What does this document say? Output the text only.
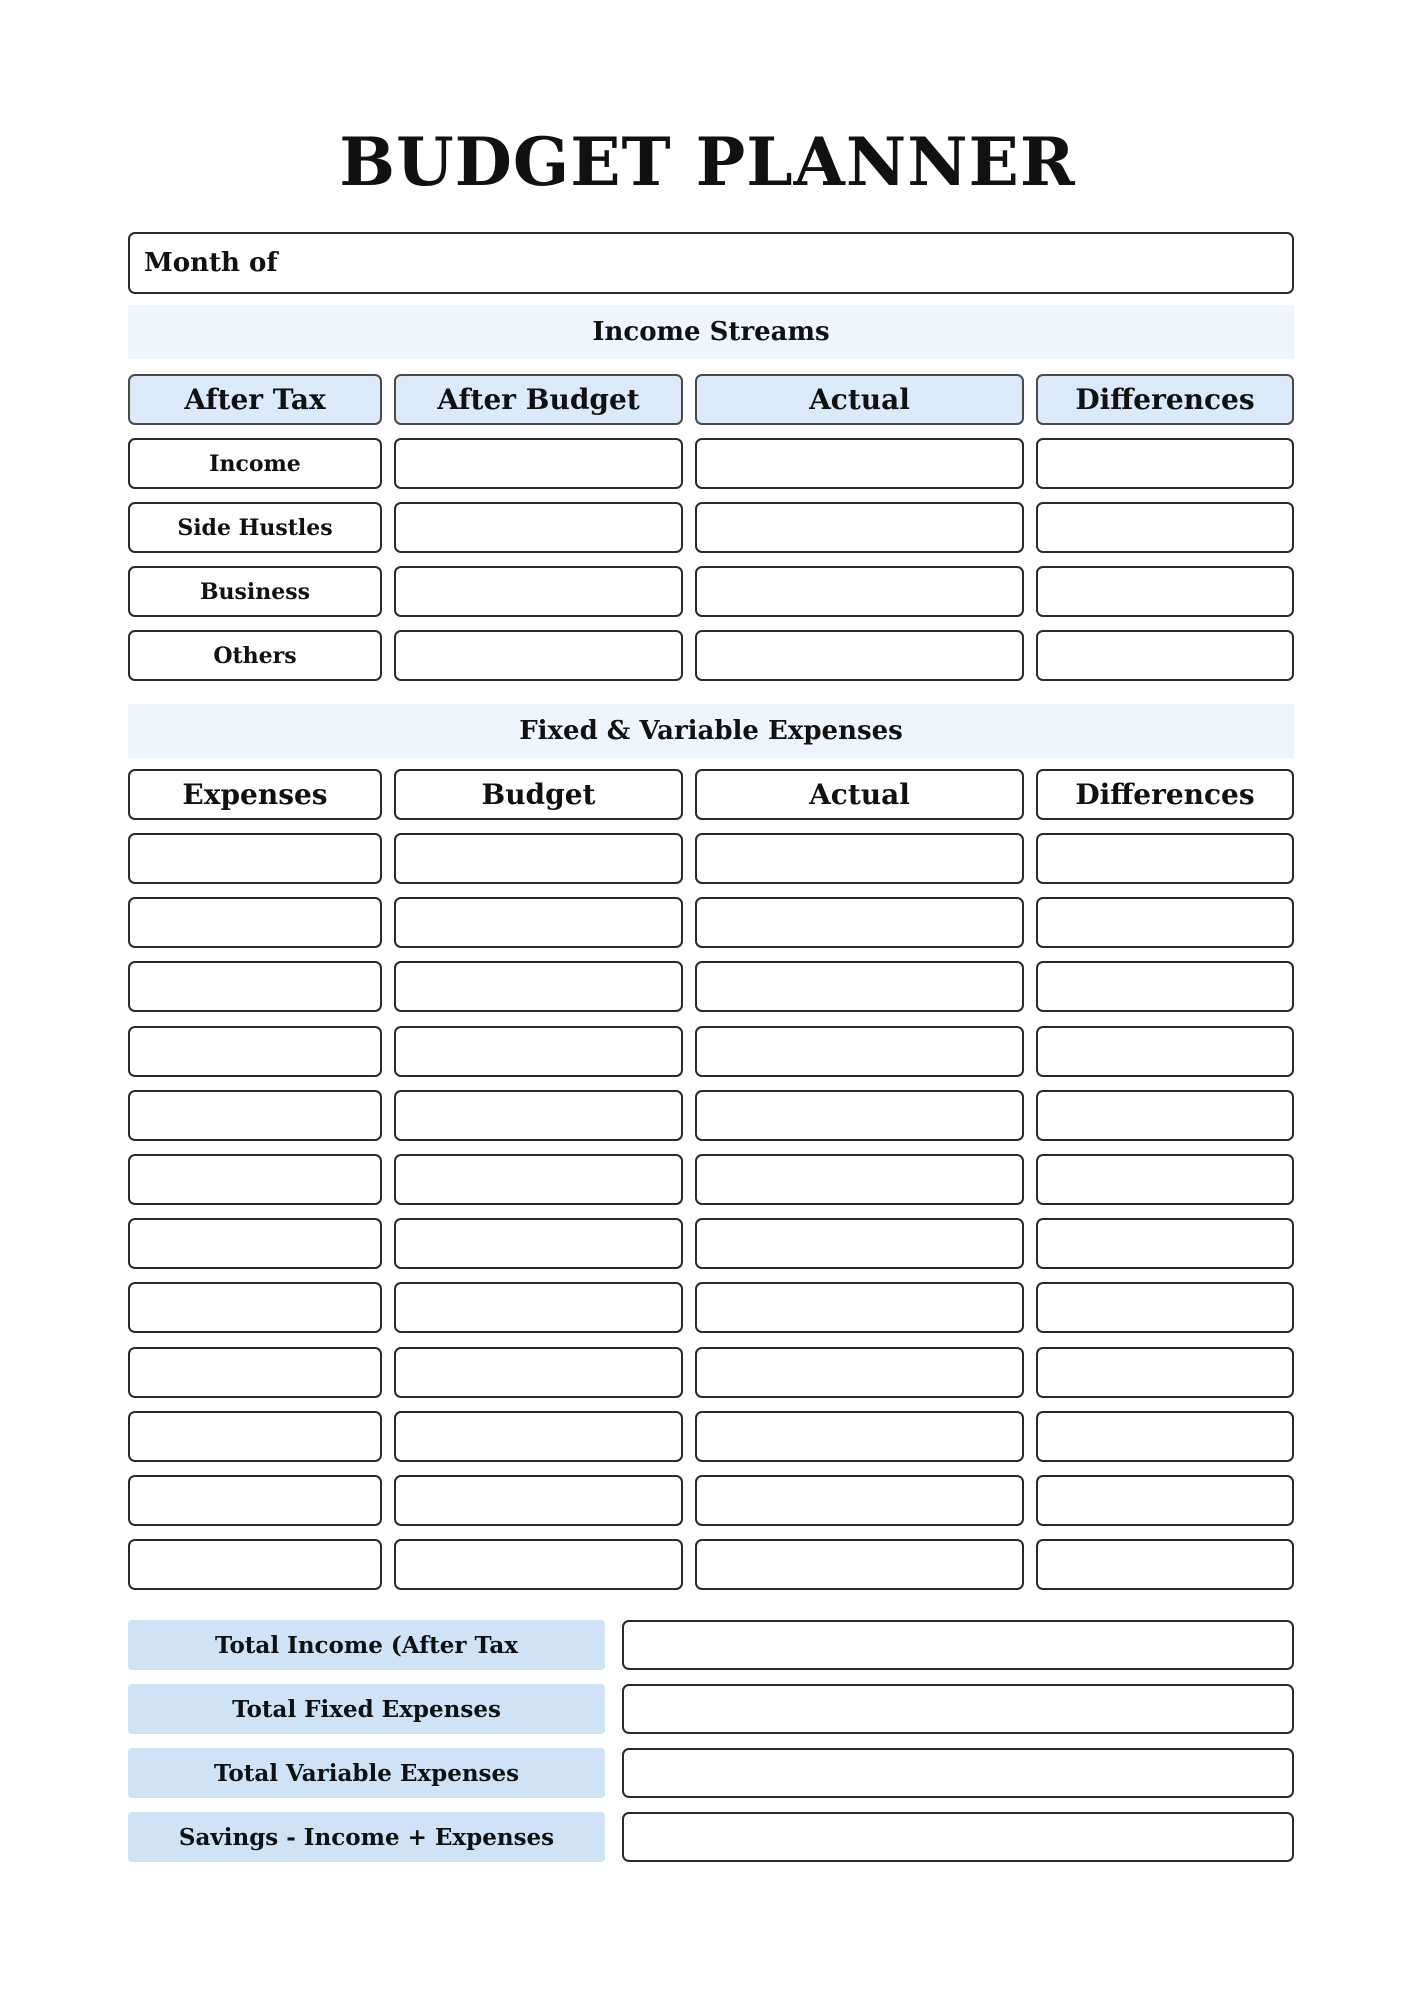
BUDGET PLANNER
Month of
Income Streams
After Tax	After Budget	Actual	Differences
Income
Side Hustles
Business
Others
Fixed & Variable Expenses
Expenses	Budget	Actual	Differences
Total Income (After Tax
Total Fixed Expenses
Total Variable Expenses
Savings - Income + Expenses
